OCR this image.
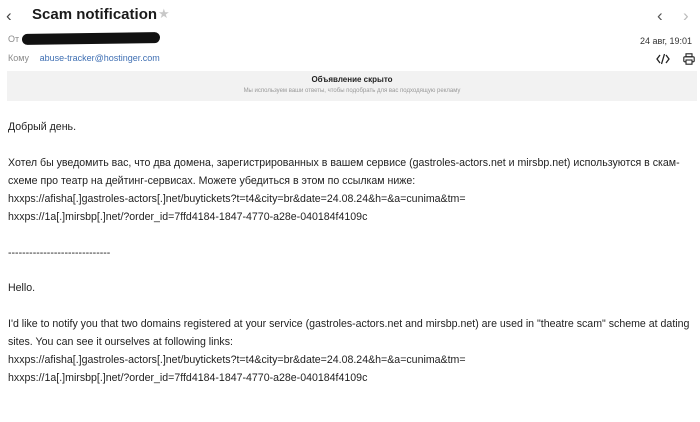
‹ Scam notification ★	‹ ›
От	24 авг, 19:01
Кому abuse-tracker@hostinger.com
Объявление скрыто
Мы используем ваши ответы, чтобы подобрать для вас подходящую рекламу
Добрый день.
Хотел бы уведомить вас, что два домена, зарегистрированных в вашем сервисе (gastroles-actors.net и mirsbp.net) используются в скам-схеме про театр на дейтинг-сервисах. Можете убедиться в этом по ссылкам ниже:
hxxps://afisha[.]gastroles-actors[.]net/buytickets?t=t4&city=br&date=24.08.24&h=&a=cunima&tm=
hxxps://1a[.]mirsbp[.]net/?order_id=7ffd4184-1847-4770-a28e-040184f4109c
-----------------------------
Hello.
I'd like to notify you that two domains registered at your service (gastroles-actors.net and mirsbp.net) are used in "theatre scam" scheme at dating sites. You can see it ourselves at following links:
hxxps://afisha[.]gastroles-actors[.]net/buytickets?t=t4&city=br&date=24.08.24&h=&a=cunima&tm=
hxxps://1a[.]mirsbp[.]net/?order_id=7ffd4184-1847-4770-a28e-040184f4109c
